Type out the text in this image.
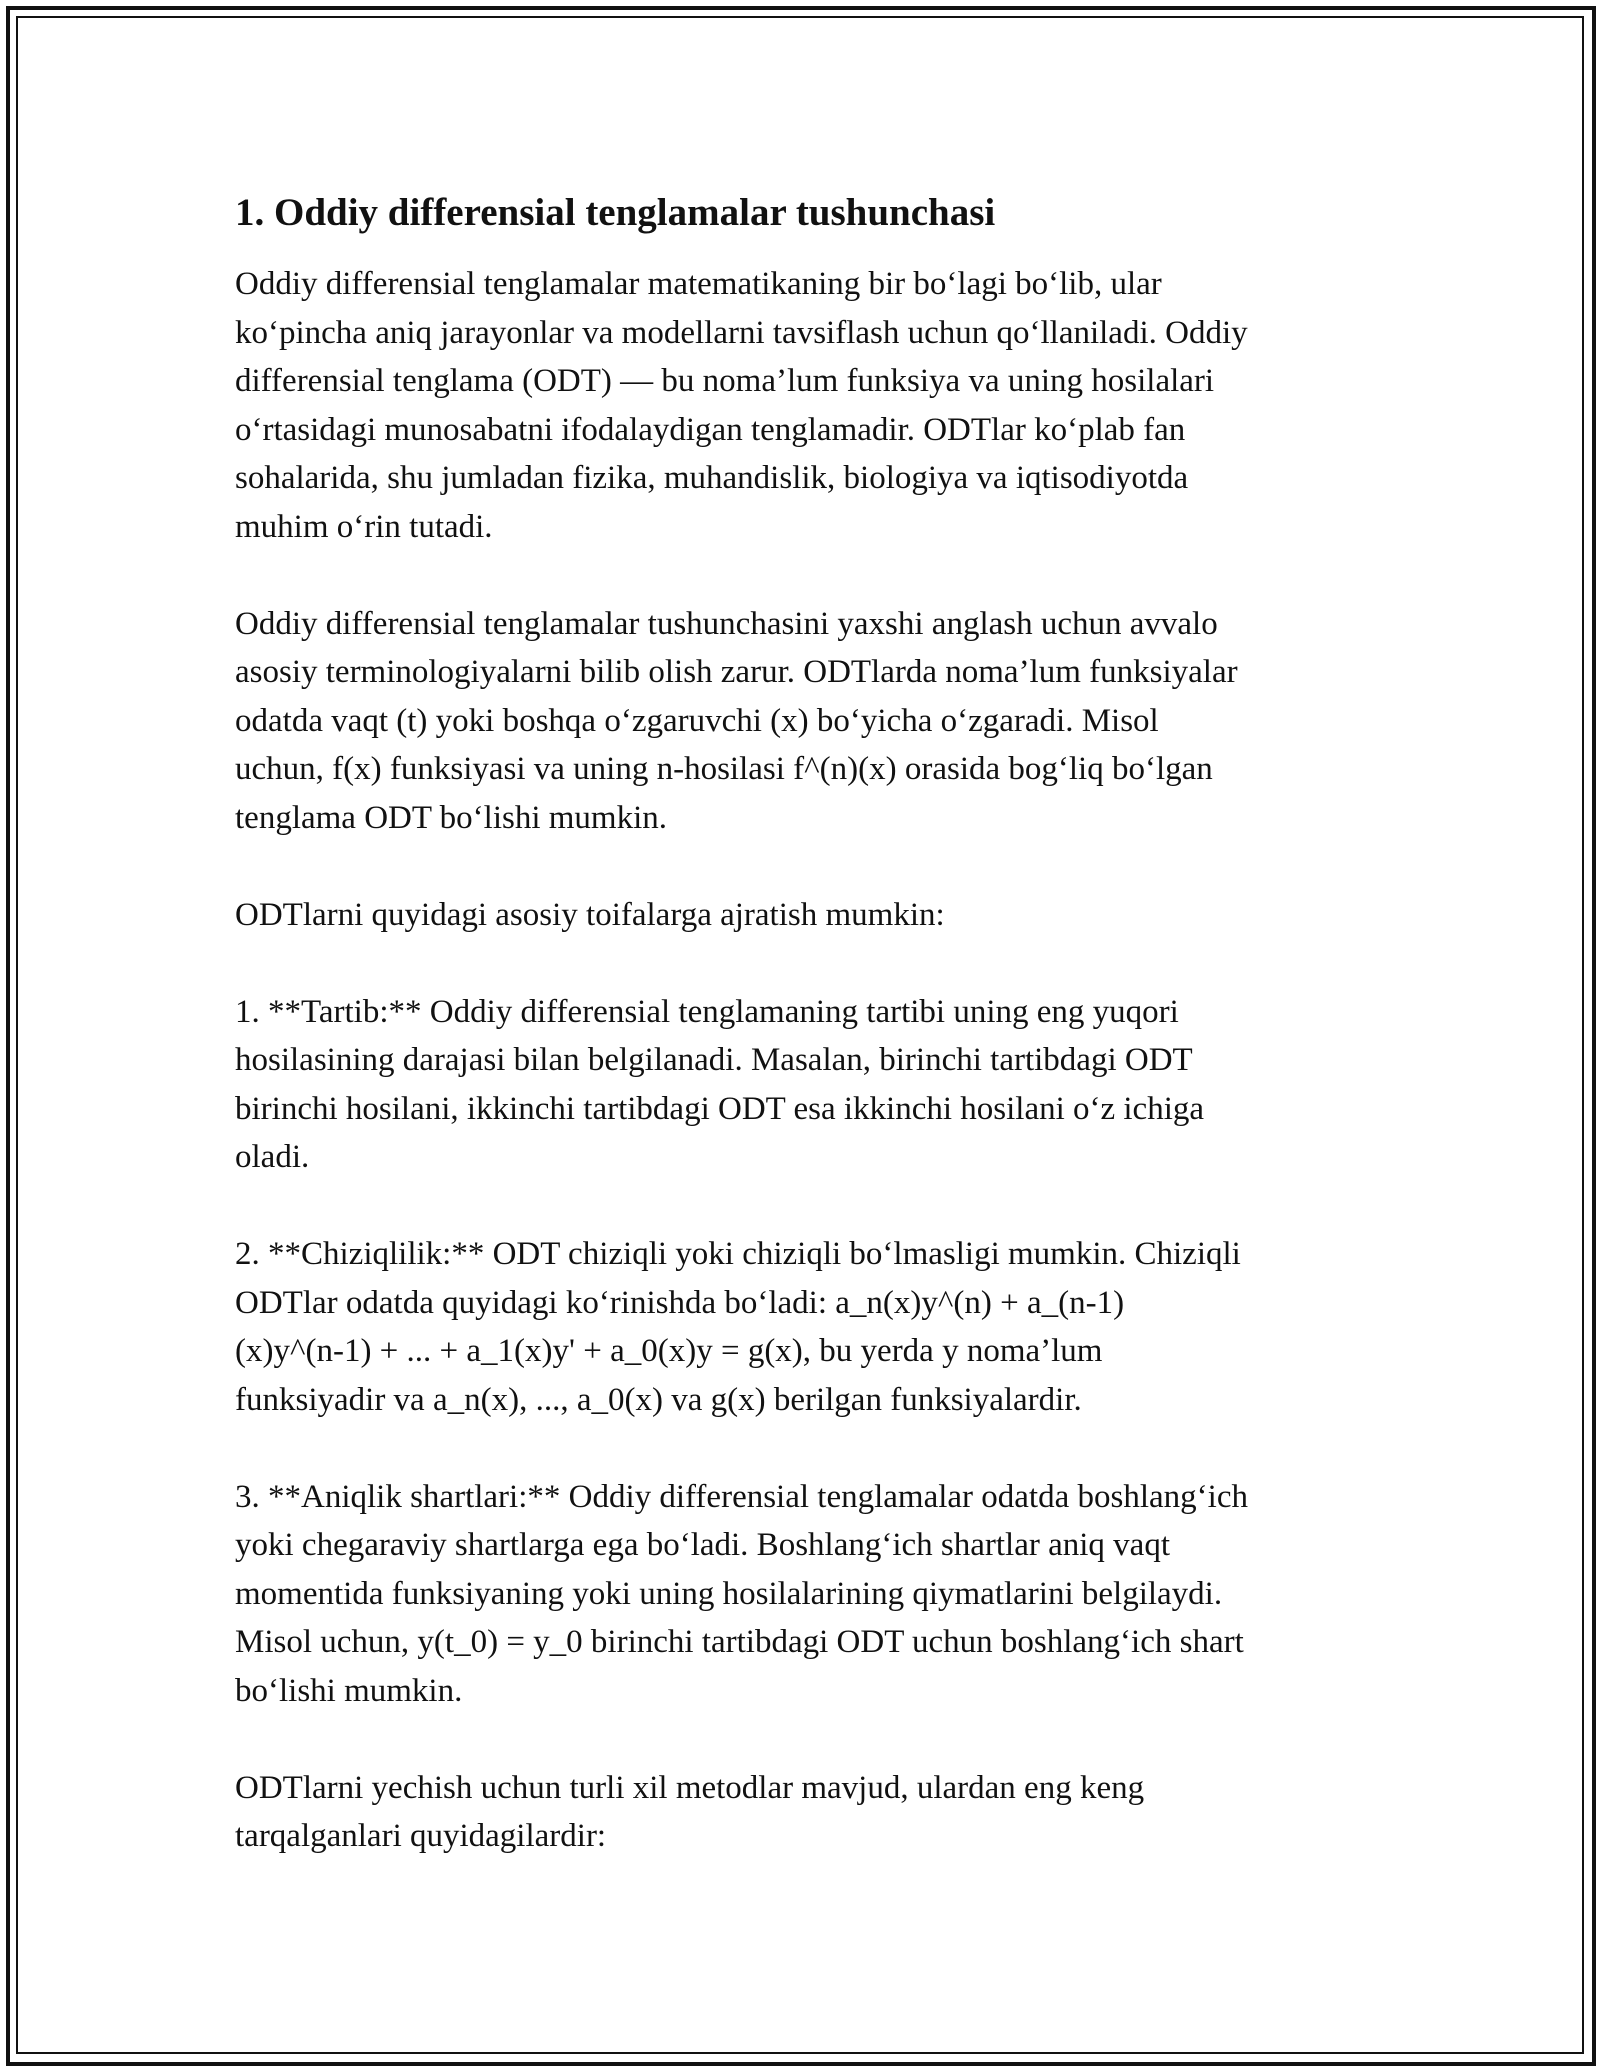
1. Oddiy differensial tenglamalar tushunchasi

Oddiy differensial tenglamalar matematikaning bir bo‘lagi bo‘lib, ular
ko‘pincha aniq jarayonlar va modellarni tavsiflash uchun qo‘llaniladi. Oddiy
differensial tenglama (ODT) — bu noma’lum funksiya va uning hosilalari
o‘rtasidagi munosabatni ifodalaydigan tenglamadir. ODTlar ko‘plab fan
sohalarida, shu jumladan fizika, muhandislik, biologiya va iqtisodiyotda
muhim o‘rin tutadi.

Oddiy differensial tenglamalar tushunchasini yaxshi anglash uchun avvalo
asosiy terminologiyalarni bilib olish zarur. ODTlarda noma’lum funksiyalar
odatda vaqt (t) yoki boshqa o‘zgaruvchi (x) bo‘yicha o‘zgaradi. Misol
uchun, f(x) funksiyasi va uning n-hosilasi f^(n)(x) orasida bog‘liq bo‘lgan
tenglama ODT bo‘lishi mumkin.

ODTlarni quyidagi asosiy toifalarga ajratish mumkin:

1. **Tartib:** Oddiy differensial tenglamaning tartibi uning eng yuqori
hosilasining darajasi bilan belgilanadi. Masalan, birinchi tartibdagi ODT
birinchi hosilani, ikkinchi tartibdagi ODT esa ikkinchi hosilani o‘z ichiga
oladi.

2. **Chiziqlilik:** ODT chiziqli yoki chiziqli bo‘lmasligi mumkin. Chiziqli
ODTlar odatda quyidagi ko‘rinishda bo‘ladi: a_n(x)y^(n) + a_(n-1)
(x)y^(n-1) + ... + a_1(x)y' + a_0(x)y = g(x), bu yerda y noma’lum
funksiyadir va a_n(x), ..., a_0(x) va g(x) berilgan funksiyalardir.

3. **Aniqlik shartlari:** Oddiy differensial tenglamalar odatda boshlang‘ich
yoki chegaraviy shartlarga ega bo‘ladi. Boshlang‘ich shartlar aniq vaqt
momentida funksiyaning yoki uning hosilalarining qiymatlarini belgilaydi.
Misol uchun, y(t_0) = y_0 birinchi tartibdagi ODT uchun boshlang‘ich shart
bo‘lishi mumkin.

ODTlarni yechish uchun turli xil metodlar mavjud, ulardan eng keng
tarqalganlari quyidagilardir:
